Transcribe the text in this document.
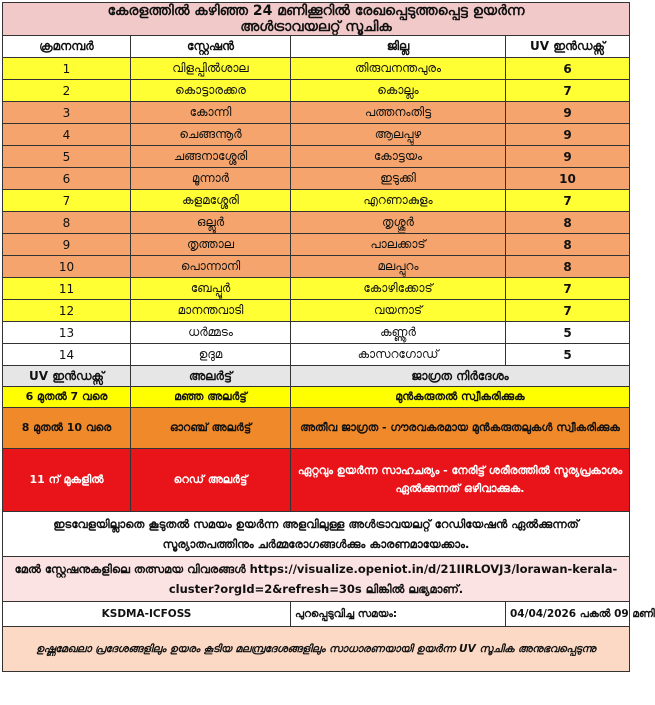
കേരളത്തിൽ കഴിഞ്ഞ 24 മണിക്കൂറിൽ രേഖപ്പെടുത്തപ്പെട്ട ഉയർന്ന
അൾട്രാവയലറ്റ് സൂചിക			

ക്രമനമ്പർ	സ്റ്റേഷൻ	ജില്ല	UV ഇൻഡക്സ്
1	വിളപ്പിൽശാല	തിരുവനന്തപുരം	6
2	കൊട്ടാരക്കര	കൊല്ലം	7
3	കോന്നി	പത്തനംതിട്ട	9
4	ചെങ്ങന്നൂർ	ആലപ്പുഴ	9
5	ചങ്ങനാശ്ശേരി	കോട്ടയം	9
6	മൂന്നാർ	ഇടുക്കി	10
7	കളമശ്ശേരി	എറണാകുളം	7
8	ഒല്ലൂർ	തൃശ്ശൂർ	8
9	തൃത്താല	പാലക്കാട്	8
10	പൊന്നാനി	മലപ്പുറം	8
11	ബേപ്പൂർ	കോഴിക്കോട്	7
12	മാനന്തവാടി	വയനാട്	7
13	ധർമ്മടം	കണ്ണൂർ	5
14	ഉദുമ	കാസറഗോഡ്	5
UV ഇൻഡക്സ്	അലർട്ട്	ജാഗ്രത നിർദേശം	
6 മുതൽ 7 വരെ	മഞ്ഞ അലർട്ട്	മുൻകരുതൽ സ്വീകരിക്കുക	
8 മുതൽ 10 വരെ	ഓറഞ്ച് അലർട്ട്	അതീവ ജാഗ്രത - ഗൗരവകരമായ മുൻകരുതലുകൾ സ്വീകരിക്കുക	
11 ന് മുകളിൽ	റെഡ് അലർട്ട്	ഏറ്റവും ഉയർന്ന സാഹചര്യം - നേരിട്ട് ശരീരത്തിൽ സൂര്യപ്രകാശം ഏൽക്കുന്നത് ഒഴിവാക്കുക.	
ഇടവേളയില്ലാതെ കൂടുതൽ സമയം ഉയർന്ന അളവിലുള്ള അൾട്രാവയലറ്റ് റേഡിയേഷൻ ഏൽക്കുന്നത് സൂര്യാതപത്തിനും ചർമ്മരോഗങ്ങൾക്കും കാരണമായേക്കാം.			
മേൽ സ്റ്റേഷനുകളിലെ തത്സമയ വിവരങ്ങൾ https://visualize.openiot.in/d/21IIRLOVJ3/lorawan-kerala-cluster?orgId=2&refresh=30s ലിങ്കിൽ ലഭ്യമാണ്.			
KSDMA-ICFOSS		പുറപ്പെടുവിച്ച സമയം:	04/04/2026 പകൽ 09 മണി
ഉഷ്ണമേഖലാ പ്രദേശങ്ങളിലും ഉയരം കൂടിയ മലമ്പ്രദേശങ്ങളിലും സാധാരണയായി ഉയർന്ന UV സൂചിക അനുഭവപ്പെടുന്നു			
